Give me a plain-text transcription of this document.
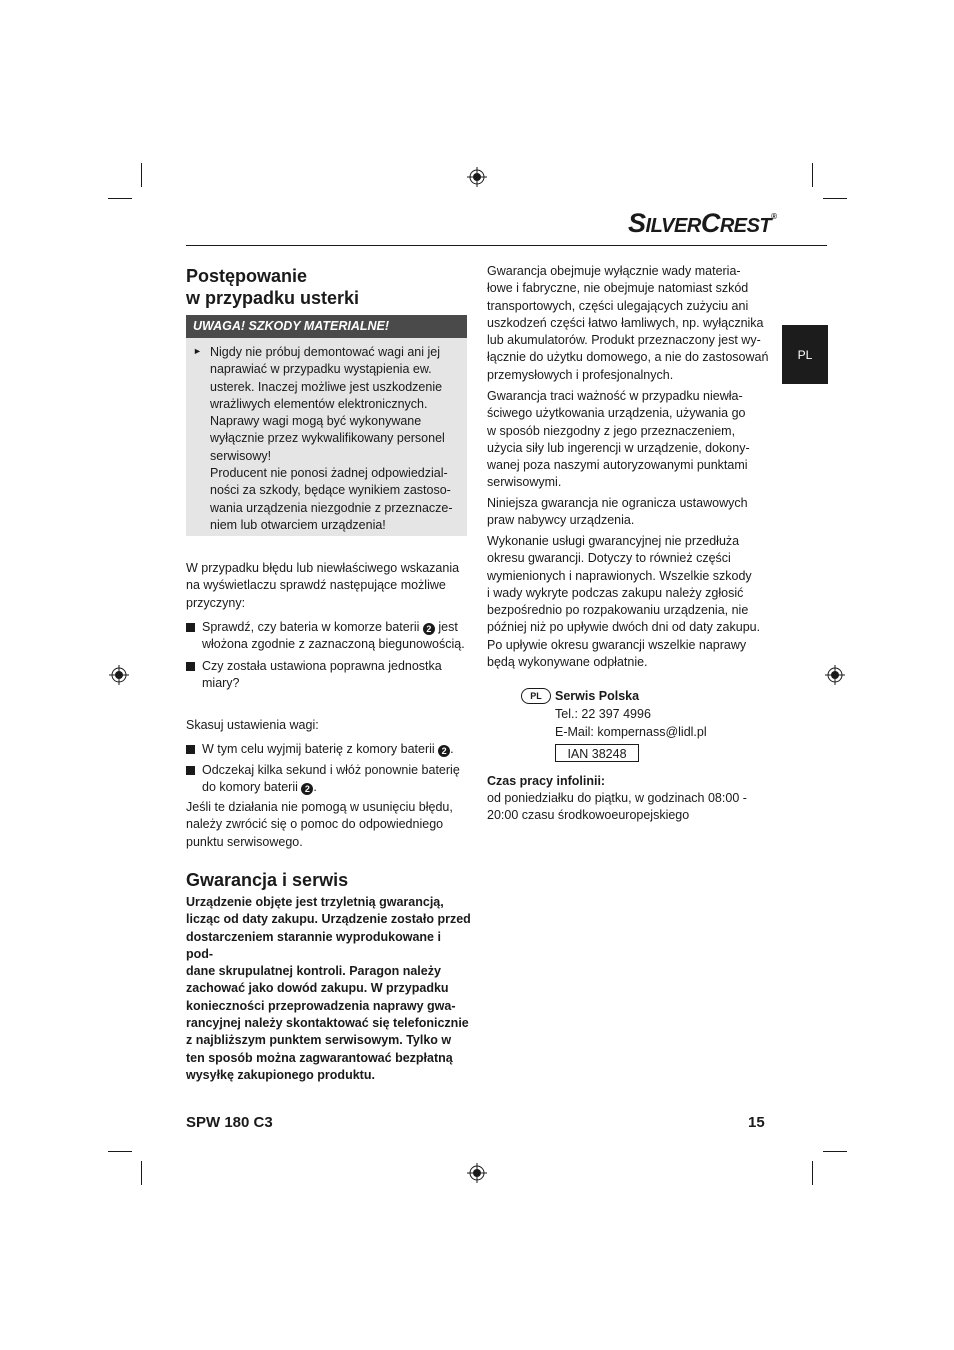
SILVERCREST®
PL
Postępowanie
w przypadku usterki
UWAGA! SZKODY MATERIALNE!
► Nigdy nie próbuj demontować wagi ani jej
naprawiać w przypadku wystąpienia ew.
usterek. Inaczej możliwe jest uszkodzenie
wrażliwych elementów elektronicznych.
Naprawy wagi mogą być wykonywane
wyłącznie przez wykwalifikowany personel
serwisowy!
Producent nie ponosi żadnej odpowiedzial-
ności za szkody, będące wynikiem zastoso-
wania urządzenia niezgodnie z przeznacze-
niem lub otwarciem urządzenia!

W przypadku błędu lub niewłaściwego wskazania
na wyświetlaczu sprawdź następujące możliwe
przyczyny:

Sprawdź, czy bateria w komorze baterii 2 jest
włożona zgodnie z zaznaczoną biegunowością.

Czy została ustawiona poprawna jednostka
miary?

Skasuj ustawienia wagi:

W tym celu wyjmij baterię z komory baterii 2 .

Odczekaj kilka sekund i włóż ponownie baterię
do komory baterii 2 .

Jeśli te działania nie pomogą w usunięciu błędu,
należy zwrócić się o pomoc do odpowiedniego
punktu serwisowego.

Gwarancja i serwis

Urządzenie objęte jest trzyletnią gwarancją,
licząc od daty zakupu. Urządzenie zostało przed
dostarczeniem starannie wyprodukowane i pod-
dane skrupulatnej kontroli. Paragon należy
zachować jako dowód zakupu. W przypadku
konieczności przeprowadzenia naprawy gwa-
rancyjnej należy skontaktować się telefonicznie
z najbliższym punktem serwisowym. Tylko w
ten sposób można zagwarantować bezpłatną
wysyłkę zakupionego produktu.

Gwarancja obejmuje wyłącznie wady materia-
łowe i fabryczne, nie obejmuje natomiast szkód
transportowych, części ulegających zużyciu ani
uszkodzeń części łatwo łamliwych, np. wyłącznika
lub akumulatorów. Produkt przeznaczony jest wy-
łącznie do użytku domowego, a nie do zastosowań
przemysłowych i profesjonalnych.

Gwarancja traci ważność w przypadku niewła-
ściwego użytkowania urządzenia, używania go
w sposób niezgodny z jego przeznaczeniem,
użycia siły lub ingerencji w urządzenie, dokony-
wanej poza naszymi autoryzowanymi punktami
serwisowymi.

Niniejsza gwarancja nie ogranicza ustawowych
praw nabywcy urządzenia.

Wykonanie usługi gwarancyjnej nie przedłuża
okresu gwarancji. Dotyczy to również części
wymienionych i naprawionych. Wszelkie szkody
i wady wykryte podczas zakupu należy zgłosić
bezpośrednio po rozpakowaniu urządzenia, nie
później niż po upływie dwóch dni od daty zakupu.
Po upływie okresu gwarancji wszelkie naprawy
będą wykonywane odpłatnie.

PL	Serwis Polska

Tel.: 22 397 4996

E-Mail: kompernass@lidl.pl

IAN 38248

Czas pracy infolinii:

od poniedziałku do piątku, w godzinach 08:00 -
20:00 czasu środkowoeuropejskiego

SPW 180 C3	15
